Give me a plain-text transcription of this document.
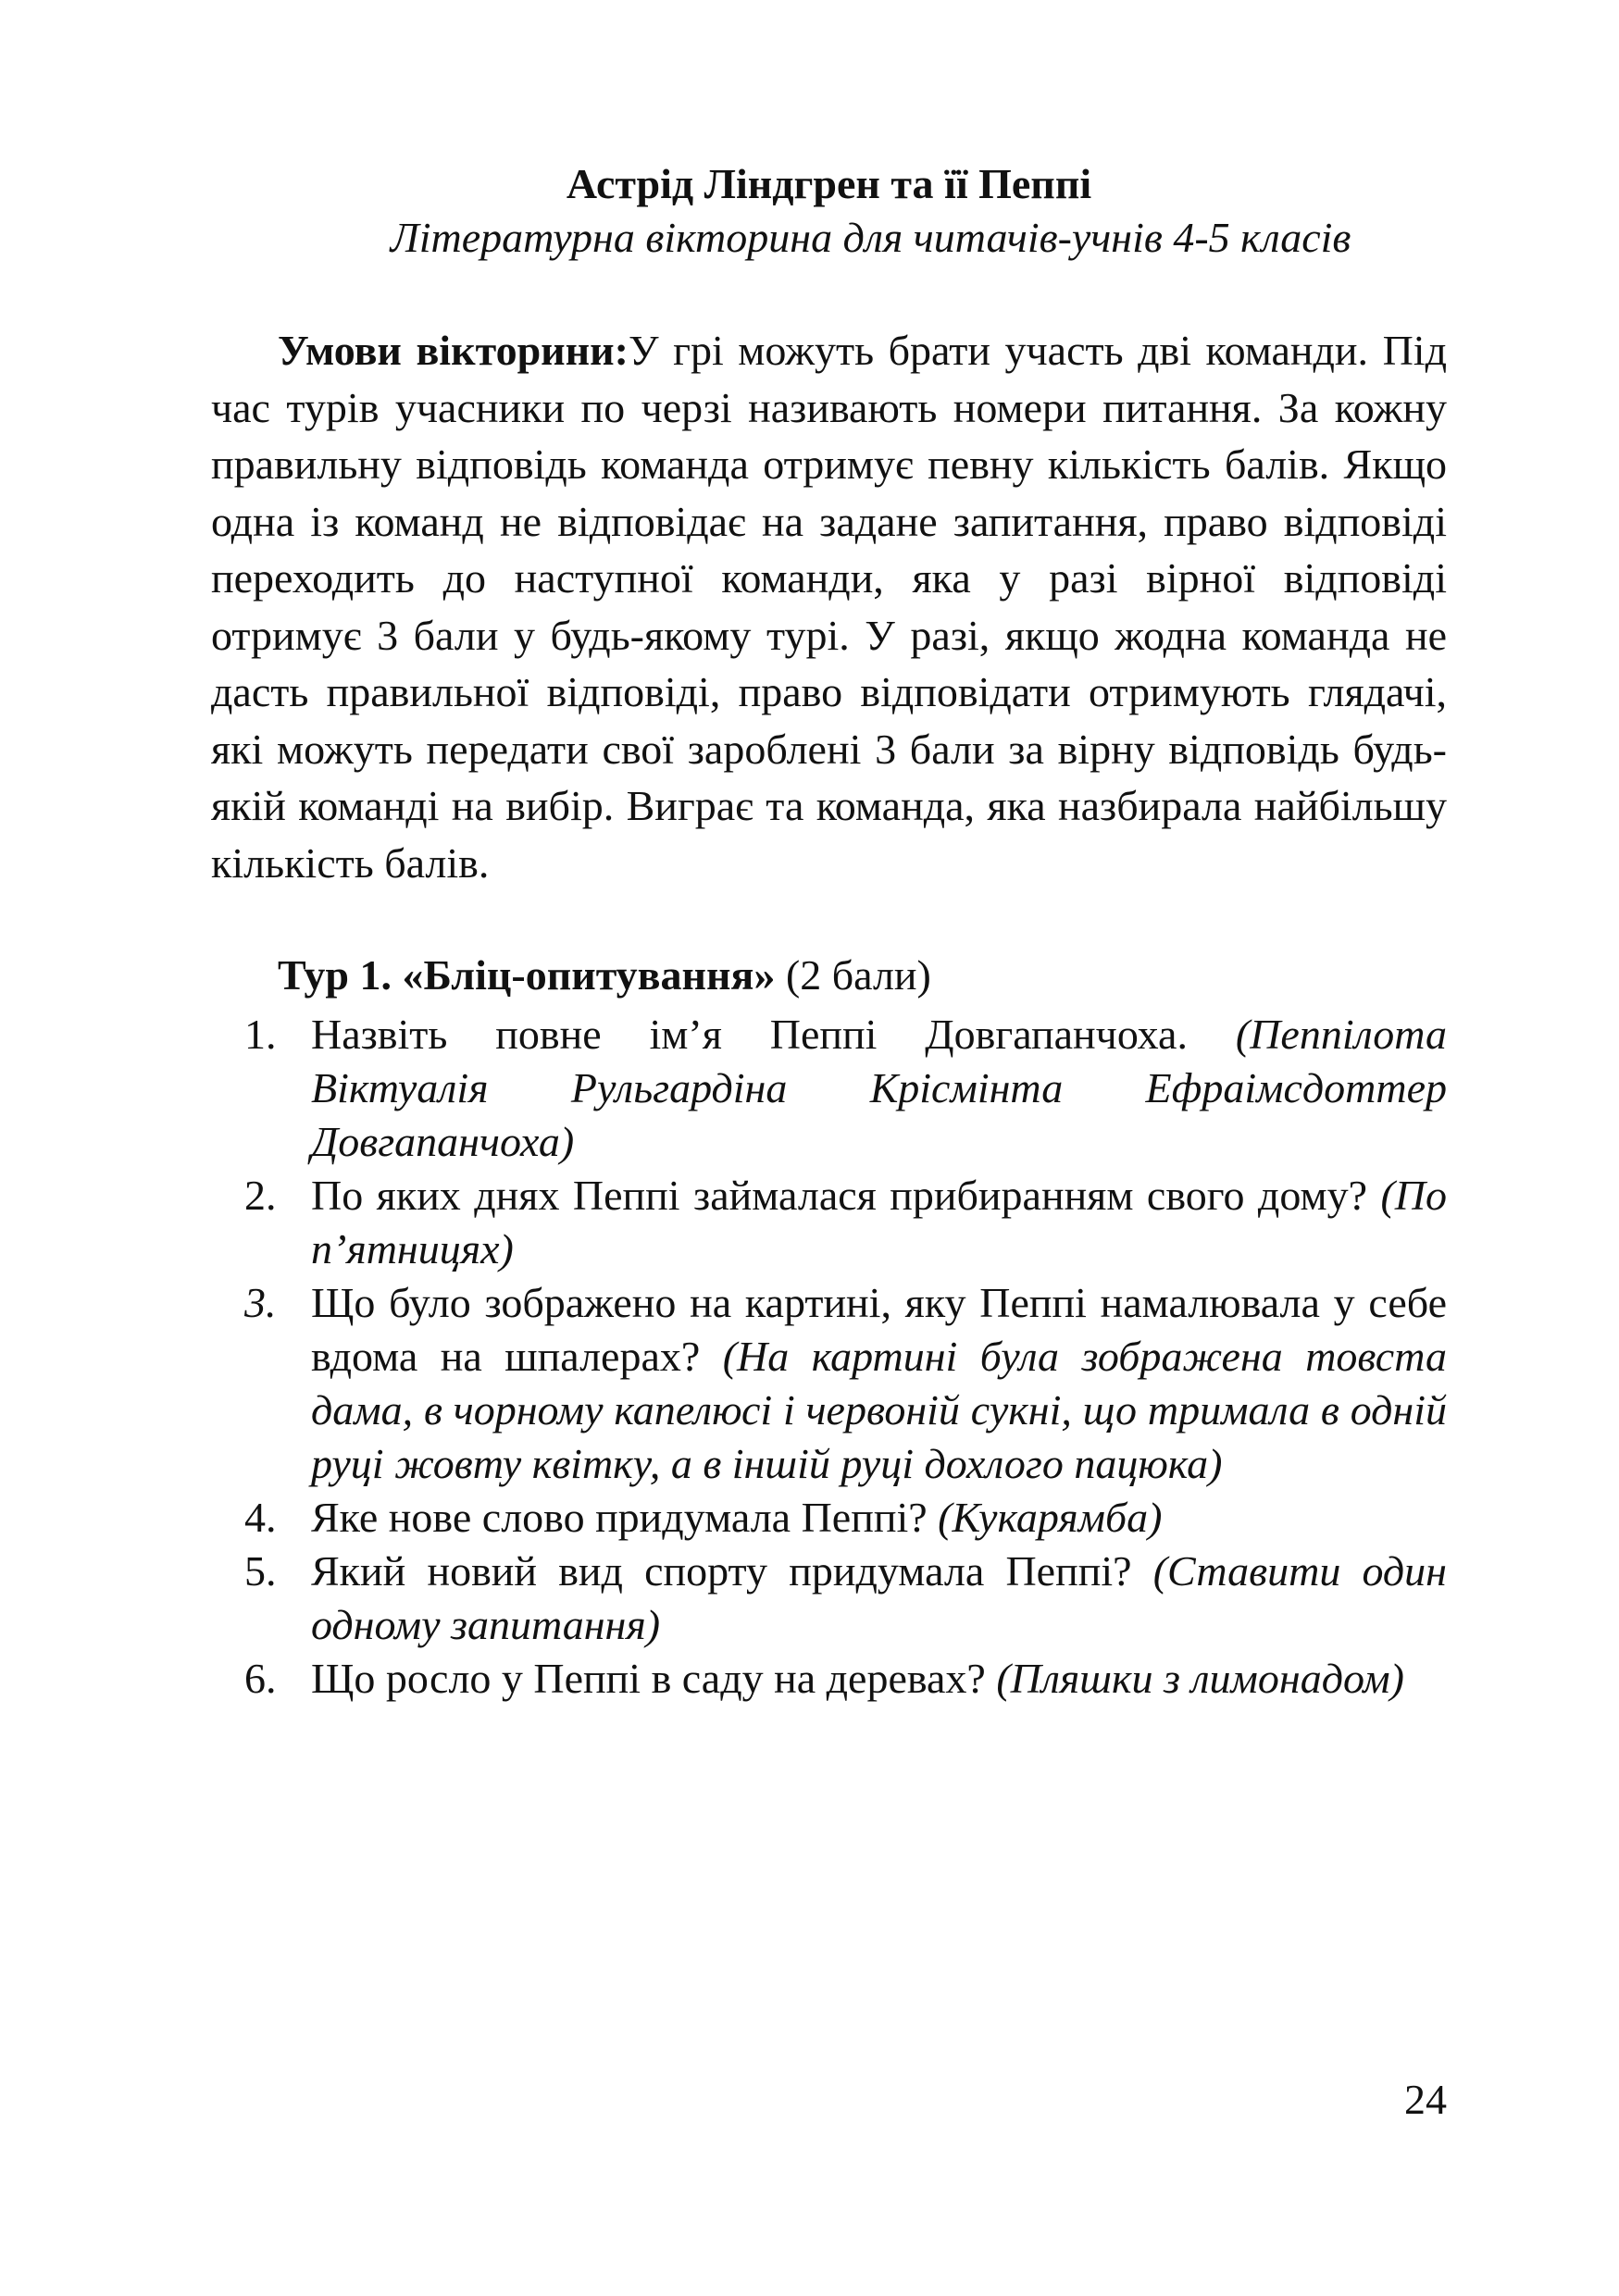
Астрід Ліндгрен та її Пеппі

Літературна вікторина для читачів-учнів 4-5 класів

Умови вікторини:У грі можуть брати участь дві команди. Під час турів учасники по черзі називають номери питання. За кожну правильну відповідь команда отримує певну кількість балів. Якщо одна із команд не відповідає на задане запитання, право відповіді переходить до наступної команди, яка у разі вірної відповіді отримує 3 бали у будь-якому турі. У разі, якщо жодна команда не дасть правильної відповіді, право відповідати отримують глядачі, які можуть передати свої зароблені 3 бали за вірну відповідь будь-якій команді на вибір. Виграє та команда, яка назбирала найбільшу кількість балів.

Тур 1. «Бліц-опитування» (2 бали)
1. Назвіть повне ім’я Пеппі Довгапанчоха. (Пеппілота Віктуалія Рульгардіна Крісмінта Ефраімсдоттер Довгапанчоха)
2. По яких днях Пеппі займалася прибиранням свого дому? (По п’ятницях)
3. Що було зображено на картині, яку Пеппі намалювала у себе вдома на шпалерах? (На картині була зображена товста дама, в чорному капелюсі і червоній сукні, що тримала в одній руці жовту квітку, а в іншій руці дохлого пацюка)
4. Яке нове слово придумала Пеппі? (Кукарямба)
5. Який новий вид спорту придумала Пеппі? (Ставити один одному запитання)
6. Що росло у Пеппі в саду на деревах? (Пляшки з лимонадом)
24
